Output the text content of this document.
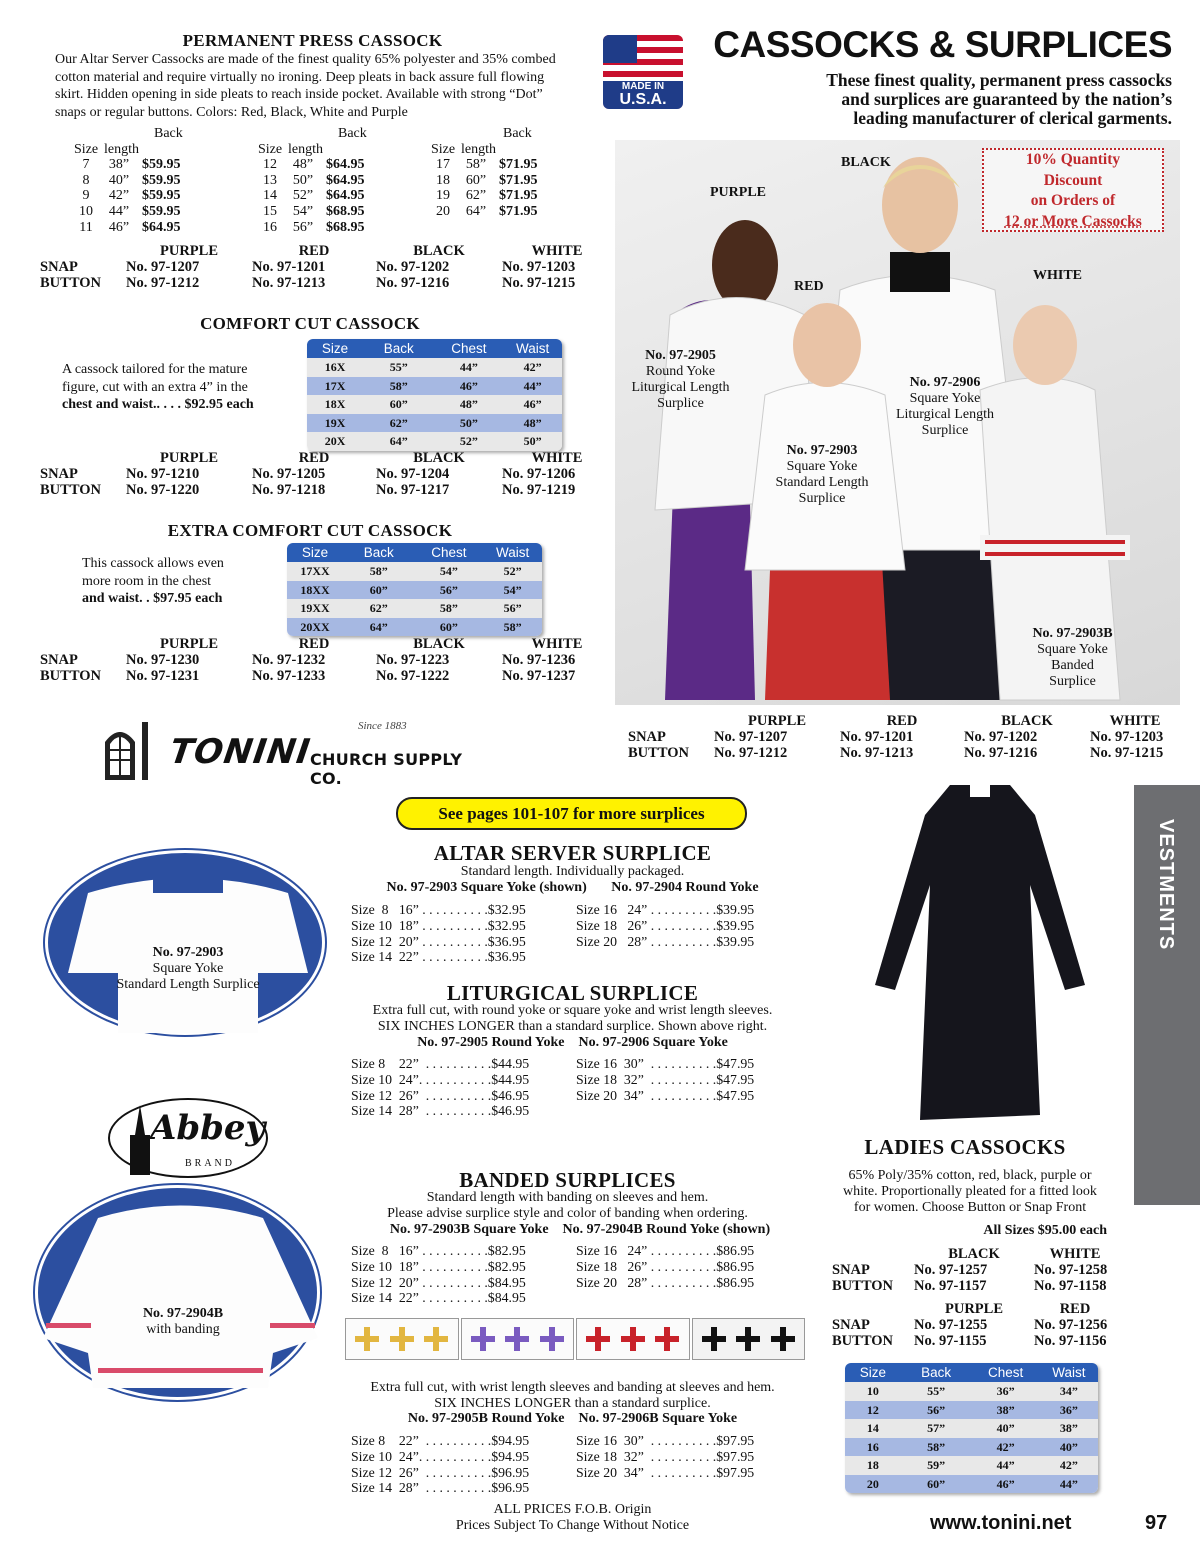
PERMANENT PRESS CASSOCK
Our Altar Server Cassocks are made of the finest quality 65% polyester and 35% combed cotton material and require virtually no ironing. Deep pleats in back assure full flowing skirt. Hidden opening in side pleats to reach inside pocket. Available with strong “Dot” snaps or regular buttons. Colors: Red, Black, White and Purple
Back
Size length
7	38” $59.95
8	40” $59.95
9	42” $59.95
10	44” $59.95
11	46” $64.95
Back
Size length
12	48” $64.95
13	50” $64.95
14	52” $64.95
15	54” $68.95
16	56” $68.95
Back
Size length
17	58” $71.95
18	60” $71.95
19	62” $71.95
20	64” $71.95
PURPLE	RED	BLACK	WHITE
SNAP	No. 97-1207	No. 97-1201	No. 97-1202	No. 97-1203
BUTTON	No. 97-1212	No. 97-1213	No. 97-1216	No. 97-1215
COMFORT CUT CASSOCK
A cassock tailored for the mature
figure, cut with an extra 4” in the
chest and waist.. . . . $92.95 each
Size	Back	Chest	Waist
16X	55”	44”	42”
17X	58”	46”	44”
18X	60”	48”	46”
19X	62”	50”	48”
20X	64”	52”	50”
PURPLE	RED	BLACK	WHITE
SNAP	No. 97-1210	No. 97-1205	No. 97-1204	No. 97-1206
BUTTON	No. 97-1220	No. 97-1218	No. 97-1217	No. 97-1219
EXTRA COMFORT CUT CASSOCK
This cassock allows even
more room in the chest
and waist. . $97.95 each
Size	Back	Chest	Waist
17XX	58”	54”	52”
18XX	60”	56”	54”
19XX	62”	58”	56”
20XX	64”	60”	58”
PURPLE	RED	BLACK	WHITE
SNAP	No. 97-1230	No. 97-1232	No. 97-1223	No. 97-1236
BUTTON	No. 97-1231	No. 97-1233	No. 97-1222	No. 97-1237
MADE IN
U.S.A.
CASSOCKS & SURPLICES
These finest quality, permanent press cassocks
and surplices are guaranteed by the nation’s
leading manufacturer of clerical garments.
BLACK
PURPLE
RED
WHITE
No. 97-2905
Round Yoke
Liturgical Length
Surplice
No. 97-2906
Square Yoke
Liturgical Length
Surplice
No. 97-2903
Square Yoke
Standard Length
Surplice
No. 97-2903B
Square Yoke
Banded
Surplice
10% Quantity
Discount
on Orders of
12 or More Cassocks
PURPLE	RED	BLACK	WHITE
SNAP	No. 97-1207	No. 97-1201	No. 97-1202	No. 97-1203
BUTTON	No. 97-1212	No. 97-1213	No. 97-1216	No. 97-1215
Since 1883
TONINI
CHURCH SUPPLY CO.
See pages 101-107 for more surplices
VESTMENTS
No. 97-2903
Square Yoke
Standard Length Surplice
ALTAR SERVER SURPLICE
Standard length. Individually packaged.
No. 97-2903 Square Yoke (shown)       No. 97-2904 Round Yoke
Size  8   16” . . . . . . . . . .$32.95
Size 10  18” . . . . . . . . . .$32.95
Size 12  20” . . . . . . . . . .$36.95
Size 14  22” . . . . . . . . . .$36.95
Size 16   24” . . . . . . . . . .$39.95
Size 18   26” . . . . . . . . . .$39.95
Size 20   28” . . . . . . . . . .$39.95
LITURGICAL SURPLICE
Extra full cut, with round yoke or square yoke and wrist length sleeves.
SIX INCHES LONGER than a standard surplice. Shown above right.
No. 97-2905 Round Yoke    No. 97-2906 Square Yoke
Size 8    22”  . . . . . . . . . .$44.95
Size 10  24”. . . . . . . . . . .$44.95
Size 12  26”  . . . . . . . . . .$46.95
Size 14  28”  . . . . . . . . . .$46.95
Size 16  30”  . . . . . . . . . .$47.95
Size 18  32”  . . . . . . . . . .$47.95
Size 20  34”  . . . . . . . . . .$47.95
Abbey
BRAND
No. 97-2904B
with banding
BANDED SURPLICES
Standard length with banding on sleeves and hem.
Please advise surplice style and color of banding when ordering.
No. 97-2903B Square Yoke    No. 97-2904B Round Yoke (shown)
Size  8   16” . . . . . . . . . .$82.95
Size 10  18” . . . . . . . . . .$82.95
Size 12  20” . . . . . . . . . .$84.95
Size 14  22” . . . . . . . . . .$84.95
Size 16   24” . . . . . . . . . .$86.95
Size 18   26” . . . . . . . . . .$86.95
Size 20   28” . . . . . . . . . .$86.95
Extra full cut, with wrist length sleeves and banding at sleeves and hem.
SIX INCHES LONGER than a standard surplice.
No. 97-2905B Round Yoke    No. 97-2906B Square Yoke
Size 8    22”  . . . . . . . . . .$94.95
Size 10  24”. . . . . . . . . . .$94.95
Size 12  26”  . . . . . . . . . .$96.95
Size 14  28”  . . . . . . . . . .$96.95
Size 16  30”  . . . . . . . . . .$97.95
Size 18  32”  . . . . . . . . . .$97.95
Size 20  34”  . . . . . . . . . .$97.95
LADIES CASSOCKS
65% Poly/35% cotton, red, black, purple or
white. Proportionally pleated for a fitted look
for women. Choose Button or Snap Front
All Sizes $95.00 each
BLACK	WHITE
SNAP	No. 97-1257	No. 97-1258
BUTTON	No. 97-1157	No. 97-1158
PURPLE	RED
SNAP	No. 97-1255	No. 97-1256
BUTTON	No. 97-1155	No. 97-1156
Size	Back	Chest	Waist
10	55”	36”	34”
12	56”	38”	36”
14	57”	40”	38”
16	58”	42”	40”
18	59”	44”	42”
20	60”	46”	44”
ALL PRICES F.O.B. Origin
Prices Subject To Change Without Notice	www.tonini.net	97
